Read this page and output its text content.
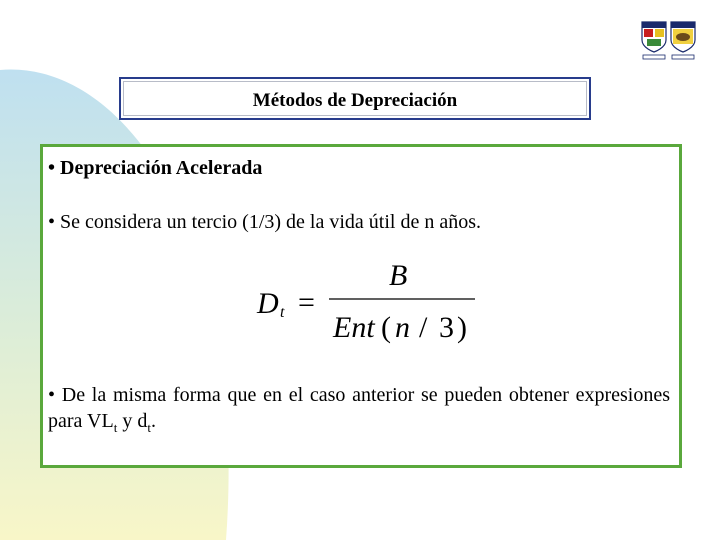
Métodos de Depreciación
• Depreciación Acelerada
• Se considera un tercio (1/3) de la vida útil de n años.
D t =
B
Ent ( n / 3 )
• De la misma forma que en el caso anterior se pueden obtener expresiones para $VL_t$ y $d_t$.
